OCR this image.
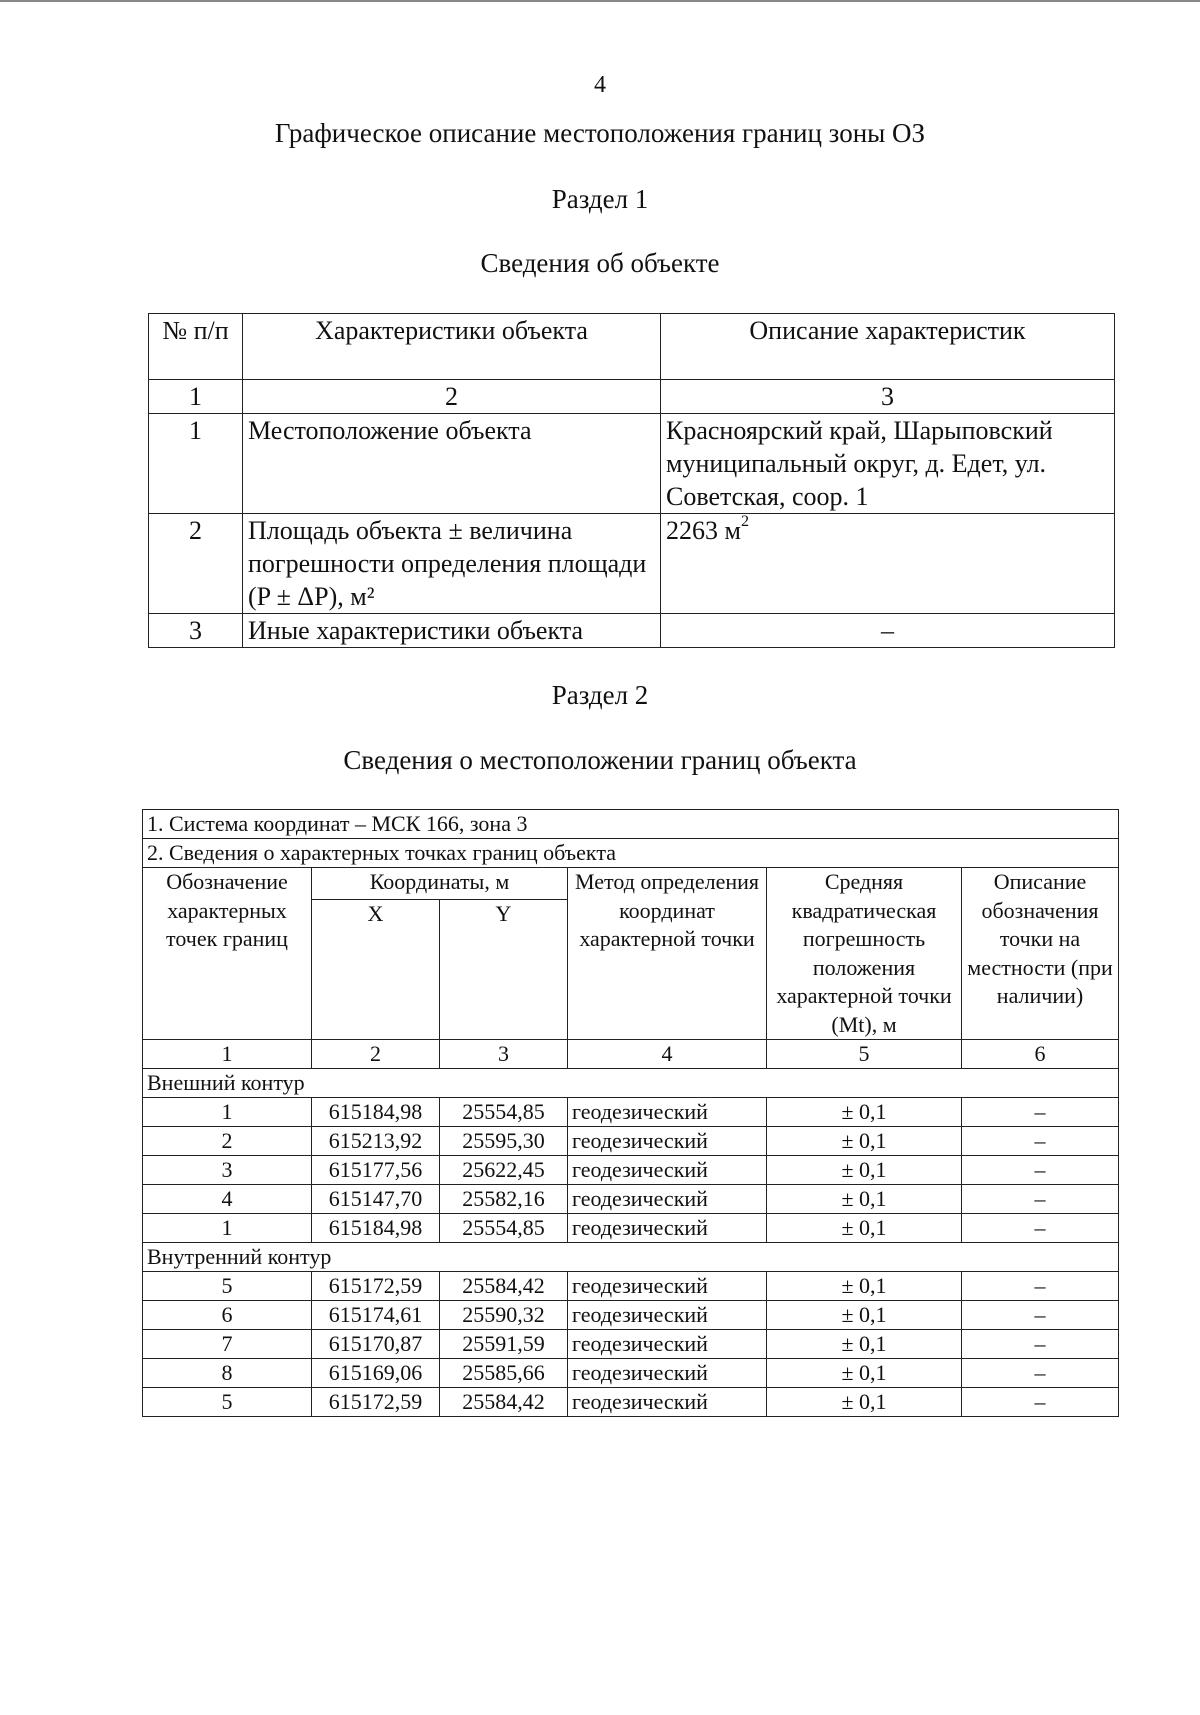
4
Графическое описание местоположения границ зоны ОЗ
Раздел 1
Сведения об объекте
№ п/п	Характеристики объекта	Описание характеристик
1	2	3
1	Местоположение объекта	Красноярский край, Шарыповский муниципальный округ, д. Едет, ул. Советская, соор. 1
2	Площадь объекта ± величина погрешности определения площади (P ± ΔP), м²	2263 $м^2$
3	Иные характеристики объекта	–
Раздел 2
Сведения о местоположении границ объекта
1. Система координат – МСК 166, зона 3					
2. Сведения о характерных точках границ объекта					
Обозначение характерных точек границ	Координаты, м		Метод определения координат характерной точки	Средняя квадратическая погрешность положения характерной точки (Mt), м	Описание обозначения точки на местности (при наличии)
	X	Y			
1	2	3	4	5	6
Внешний контур					
1	615184,98	25554,85	геодезический	± 0,1	–
2	615213,92	25595,30	геодезический	± 0,1	–
3	615177,56	25622,45	геодезический	± 0,1	–
4	615147,70	25582,16	геодезический	± 0,1	–
1	615184,98	25554,85	геодезический	± 0,1	–
Внутренний контур					
5	615172,59	25584,42	геодезический	± 0,1	–
6	615174,61	25590,32	геодезический	± 0,1	–
7	615170,87	25591,59	геодезический	± 0,1	–
8	615169,06	25585,66	геодезический	± 0,1	–
5	615172,59	25584,42	геодезический	± 0,1	–
